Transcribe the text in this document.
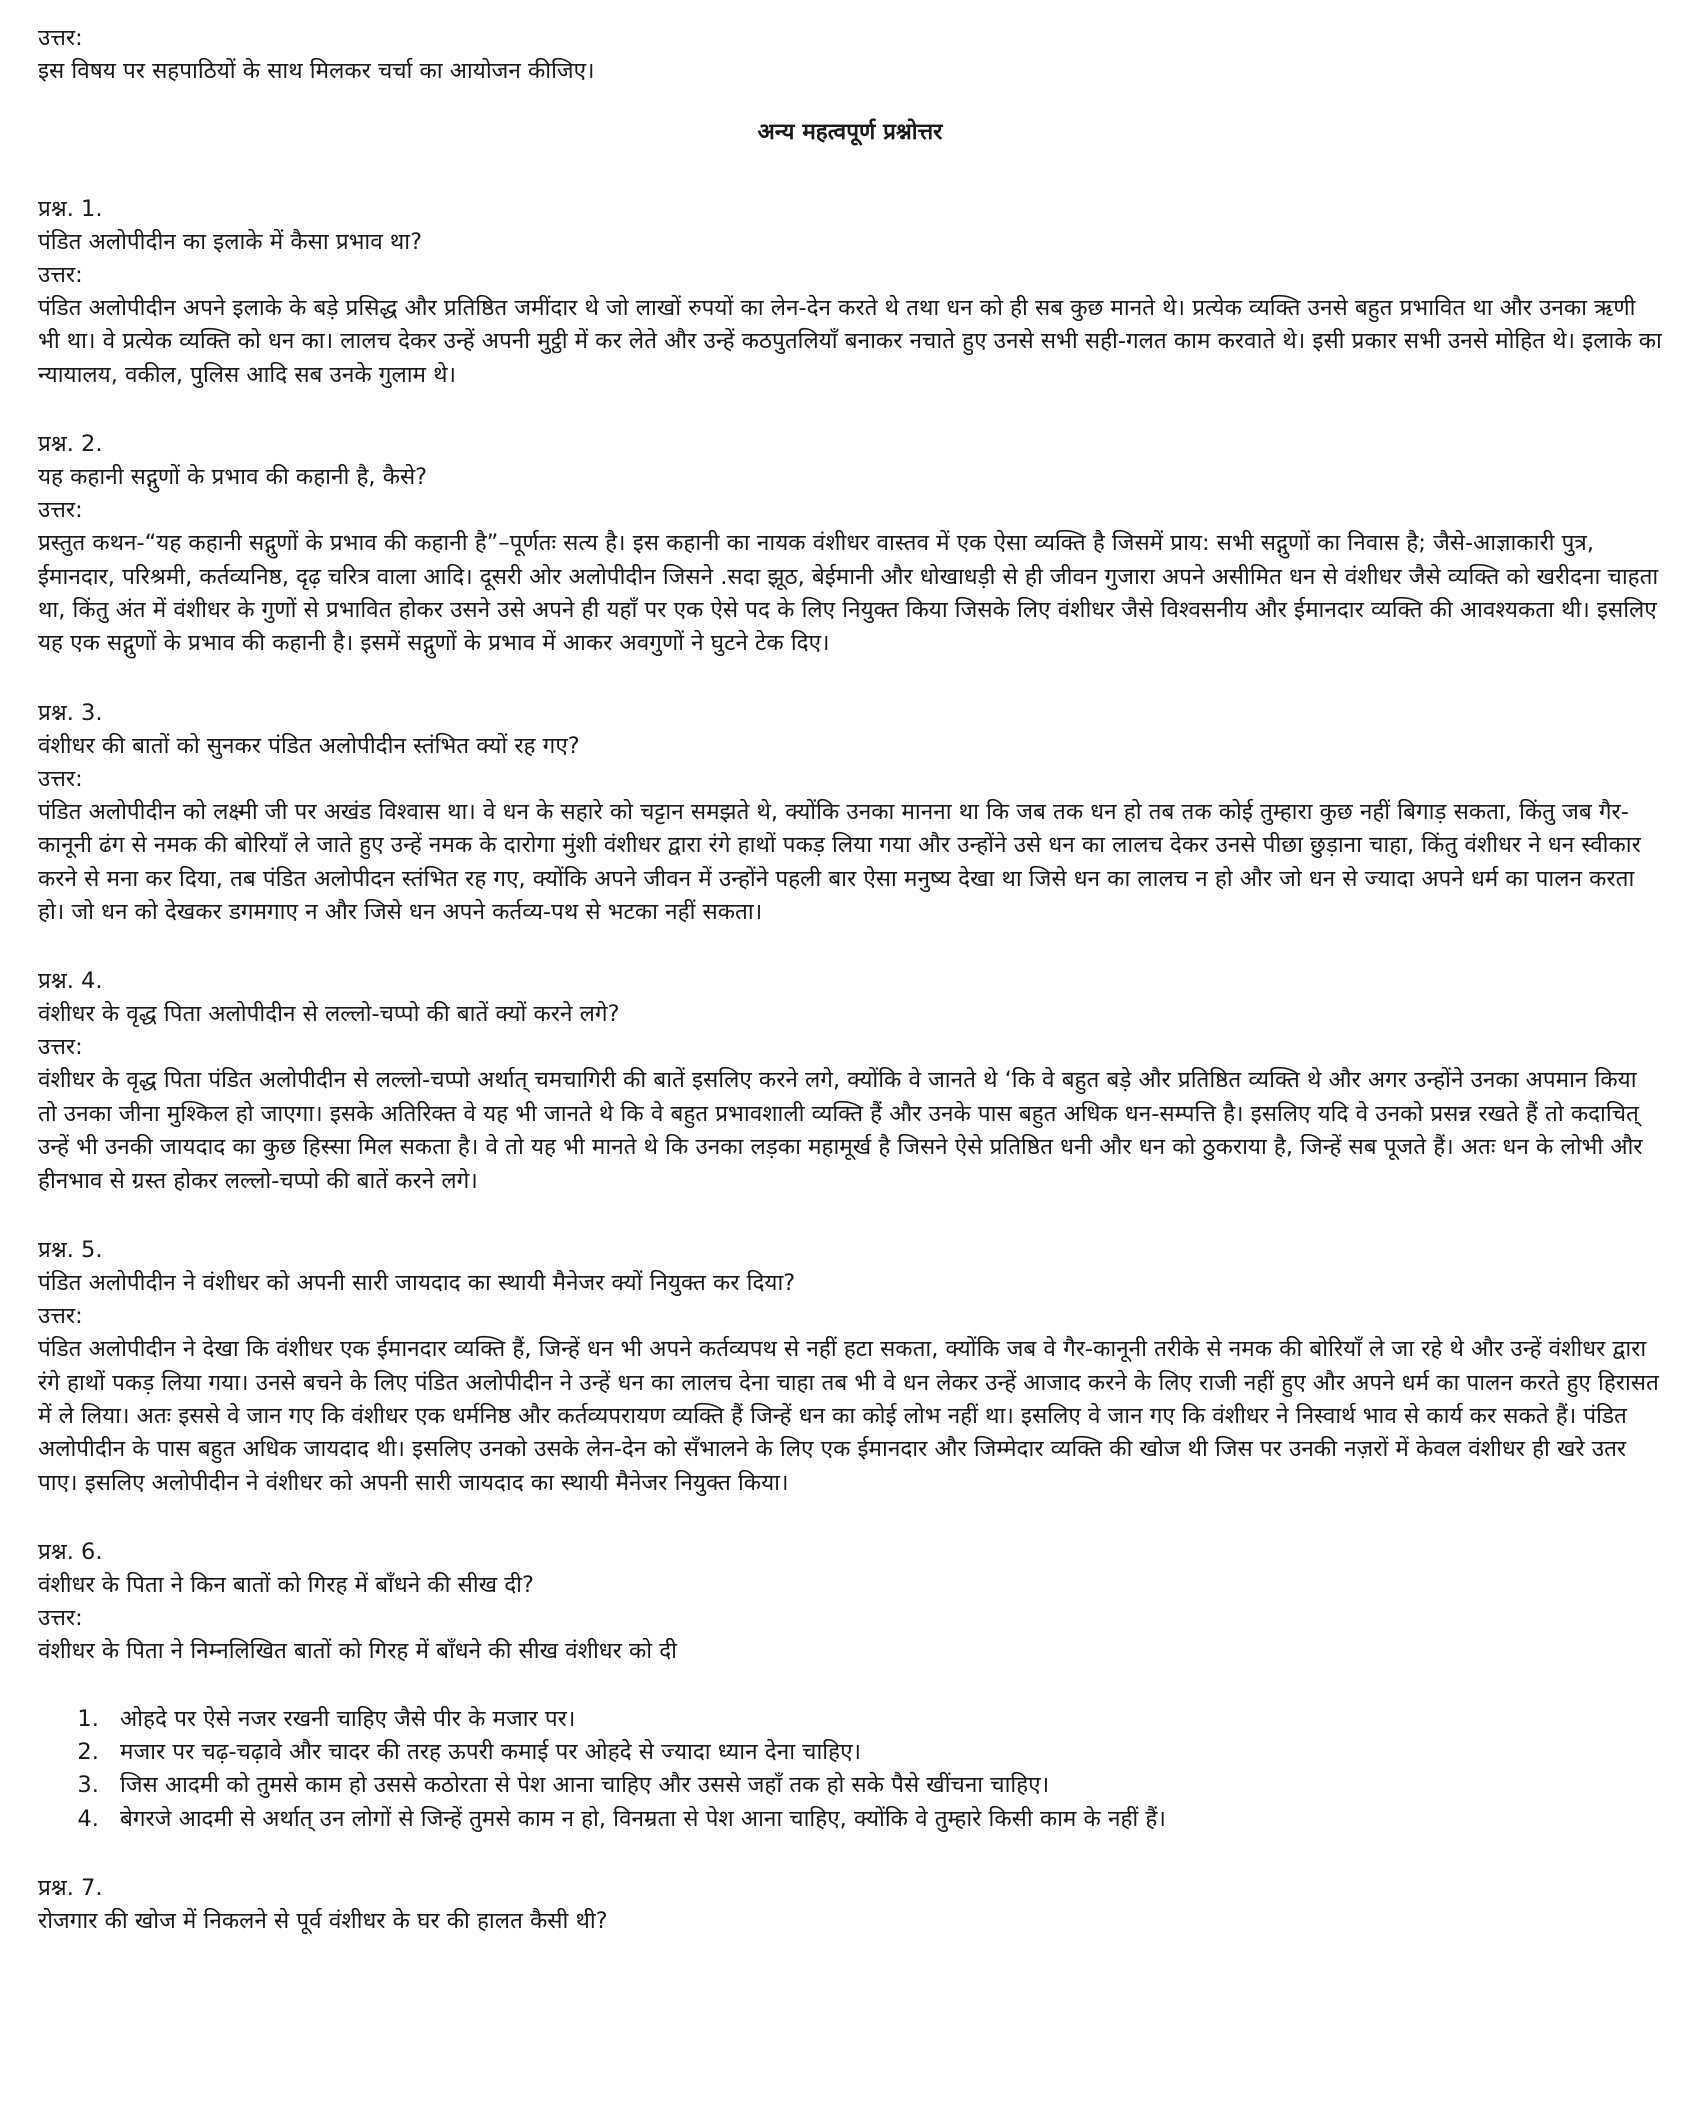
उत्तर:

इस विषय पर सहपाठियों के साथ मिलकर चर्चा का आयोजन कीजिए।

अन्य महत्वपूर्ण प्रश्नोत्तर

प्रश्न. 1.

पंडित अलोपीदीन का इलाके में कैसा प्रभाव था?

उत्तर:

पंडित अलोपीदीन अपने इलाके के बड़े प्रसिद्ध और प्रतिष्ठित जमींदार थे जो लाखों रुपयों का लेन-देन करते थे तथा धन को ही सब कुछ मानते थे। प्रत्येक व्यक्ति उनसे बहुत प्रभावित था और उनका ऋणी भी था। वे प्रत्येक व्यक्ति को धन का। लालच देकर उन्हें अपनी मुट्ठी में कर लेते और उन्हें कठपुतलियाँ बनाकर नचाते हुए उनसे सभी सही-गलत काम करवाते थे। इसी प्रकार सभी उनसे मोहित थे। इलाके का न्यायालय, वकील, पुलिस आदि सब उनके गुलाम थे।

प्रश्न. 2.

यह कहानी सद्गुणों के प्रभाव की कहानी है, कैसे?

उत्तर:

प्रस्तुत कथन-“यह कहानी सद्गुणों के प्रभाव की कहानी है”–पूर्णतः सत्य है। इस कहानी का नायक वंशीधर वास्तव में एक ऐसा व्यक्ति है जिसमें प्राय: सभी सद्गुणों का निवास है; जैसे-आज्ञाकारी पुत्र, ईमानदार, परिश्रमी, कर्तव्यनिष्ठ, दृढ़ चरित्र वाला आदि। दूसरी ओर अलोपीदीन जिसने .सदा झूठ, बेईमानी और धोखाधड़ी से ही जीवन गुजारा अपने असीमित धन से वंशीधर जैसे व्यक्ति को खरीदना चाहता था, किंतु अंत में वंशीधर के गुणों से प्रभावित होकर उसने उसे अपने ही यहाँ पर एक ऐसे पद के लिए नियुक्त किया जिसके लिए वंशीधर जैसे विश्वसनीय और ईमानदार व्यक्ति की आवश्यकता थी। इसलिए यह एक सद्गुणों के प्रभाव की कहानी है। इसमें सद्गुणों के प्रभाव में आकर अवगुणों ने घुटने टेक दिए।

प्रश्न. 3.

वंशीधर की बातों को सुनकर पंडित अलोपीदीन स्तंभित क्यों रह गए?

उत्तर:

पंडित अलोपीदीन को लक्ष्मी जी पर अखंड विश्वास था। वे धन के सहारे को चट्टान समझते थे, क्योंकि उनका मानना था कि जब तक धन हो तब तक कोई तुम्हारा कुछ नहीं बिगाड़ सकता, किंतु जब गैर-कानूनी ढंग से नमक की बोरियाँ ले जाते हुए उन्हें नमक के दारोगा मुंशी वंशीधर द्वारा रंगे हाथों पकड़ लिया गया और उन्होंने उसे धन का लालच देकर उनसे पीछा छुड़ाना चाहा, किंतु वंशीधर ने धन स्वीकार करने से मना कर दिया, तब पंडित अलोपीदन स्तंभित रह गए, क्योंकि अपने जीवन में उन्होंने पहली बार ऐसा मनुष्य देखा था जिसे धन का लालच न हो और जो धन से ज्यादा अपने धर्म का पालन करता हो। जो धन को देखकर डगमगाए न और जिसे धन अपने कर्तव्य-पथ से भटका नहीं सकता।

प्रश्न. 4.

वंशीधर के वृद्ध पिता अलोपीदीन से लल्लो-चप्पो की बातें क्यों करने लगे?

उत्तर:

वंशीधर के वृद्ध पिता पंडित अलोपीदीन से लल्लो-चप्पो अर्थात् चमचागिरी की बातें इसलिए करने लगे, क्योंकि वे जानते थे ‘कि वे बहुत बड़े और प्रतिष्ठित व्यक्ति थे और अगर उन्होंने उनका अपमान किया तो उनका जीना मुश्किल हो जाएगा। इसके अतिरिक्त वे यह भी जानते थे कि वे बहुत प्रभावशाली व्यक्ति हैं और उनके पास बहुत अधिक धन-सम्पत्ति है। इसलिए यदि वे उनको प्रसन्न रखते हैं तो कदाचित् उन्हें भी उनकी जायदाद का कुछ हिस्सा मिल सकता है। वे तो यह भी मानते थे कि उनका लड़का महामूर्ख है जिसने ऐसे प्रतिष्ठित धनी और धन को ठुकराया है, जिन्हें सब पूजते हैं। अतः धन के लोभी और हीनभाव से ग्रस्त होकर लल्लो-चप्पो की बातें करने लगे।

प्रश्न. 5.

पंडित अलोपीदीन ने वंशीधर को अपनी सारी जायदाद का स्थायी मैनेजर क्यों नियुक्त कर दिया?

उत्तर:

पंडित अलोपीदीन ने देखा कि वंशीधर एक ईमानदार व्यक्ति हैं, जिन्हें धन भी अपने कर्तव्यपथ से नहीं हटा सकता, क्योंकि जब वे गैर-कानूनी तरीके से नमक की बोरियाँ ले जा रहे थे और उन्हें वंशीधर द्वारा रंगे हाथों पकड़ लिया गया। उनसे बचने के लिए पंडित अलोपीदीन ने उन्हें धन का लालच देना चाहा तब भी वे धन लेकर उन्हें आजाद करने के लिए राजी नहीं हुए और अपने धर्म का पालन करते हुए हिरासत में ले लिया। अतः इससे वे जान गए कि वंशीधर एक धर्मनिष्ठ और कर्तव्यपरायण व्यक्ति हैं जिन्हें धन का कोई लोभ नहीं था। इसलिए वे जान गए कि वंशीधर ने निस्वार्थ भाव से कार्य कर सकते हैं। पंडित अलोपीदीन के पास बहुत अधिक जायदाद थी। इसलिए उनको उसके लेन-देन को सँभालने के लिए एक ईमानदार और जिम्मेदार व्यक्ति की खोज थी जिस पर उनकी नज़रों में केवल वंशीधर ही खरे उतर पाए। इसलिए अलोपीदीन ने वंशीधर को अपनी सारी जायदाद का स्थायी मैनेजर नियुक्त किया।

प्रश्न. 6.

वंशीधर के पिता ने किन बातों को गिरह में बाँधने की सीख दी?

उत्तर:

वंशीधर के पिता ने निम्नलिखित बातों को गिरह में बाँधने की सीख वंशीधर को दी

1. ओहदे पर ऐसे नजर रखनी चाहिए जैसे पीर के मजार पर।
2. मजार पर चढ़-चढ़ावे और चादर की तरह ऊपरी कमाई पर ओहदे से ज्यादा ध्यान देना चाहिए।
3. जिस आदमी को तुमसे काम हो उससे कठोरता से पेश आना चाहिए और उससे जहाँ तक हो सके पैसे खींचना चाहिए।
4. बेगरजे आदमी से अर्थात् उन लोगों से जिन्हें तुमसे काम न हो, विनम्रता से पेश आना चाहिए, क्योंकि वे तुम्हारे किसी काम के नहीं हैं।

प्रश्न. 7.

रोजगार की खोज में निकलने से पूर्व वंशीधर के घर की हालत कैसी थी?
